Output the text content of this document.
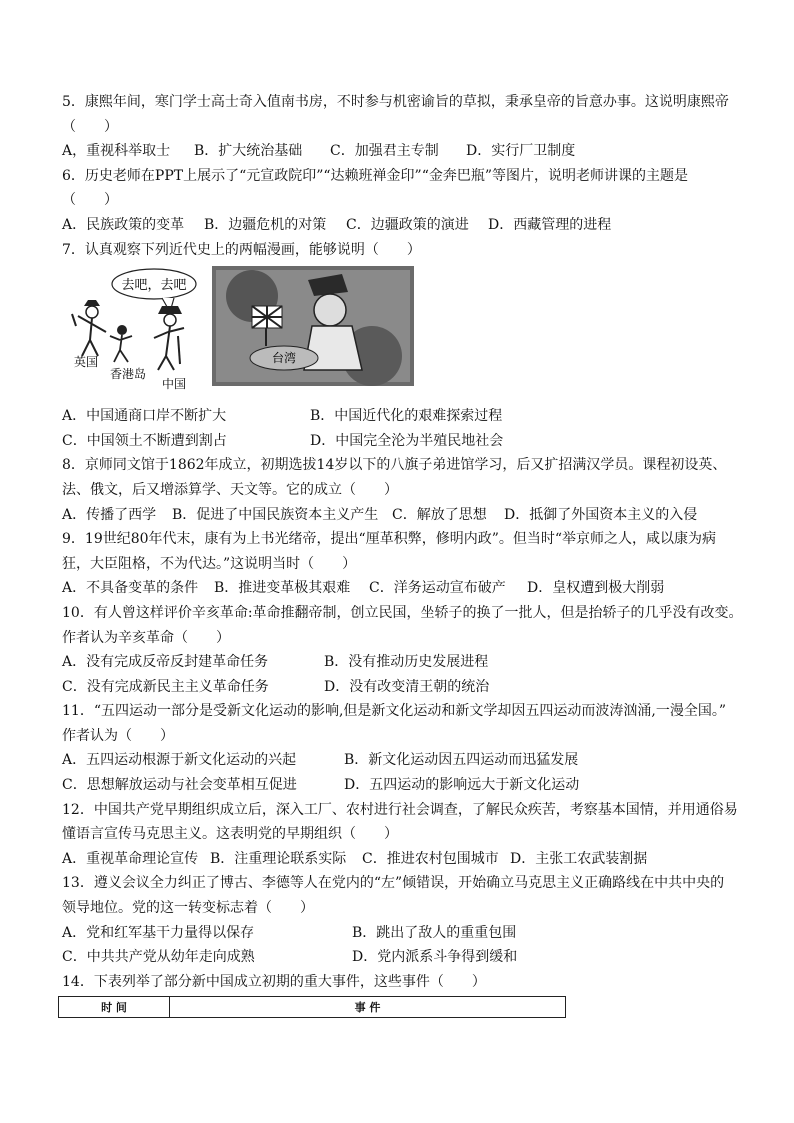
5．康熙年间，寒门学士高士奇入值南书房，不时参与机密谕旨的草拟，秉承皇帝的旨意办事。这说明康熙帝
（　　）
A，重视科举取士	B．扩大统治基础	C．加强君主专制	D．实行厂卫制度
6．历史老师在PPT上展示了“元宣政院印”“达赖班禅金印”“金奔巴瓶”等图片，说明老师讲课的主题是
（　　）
A．民族政策的变革	B．边疆危机的对策	C．边疆政策的演进	D．西藏管理的进程
7．认真观察下列近代史上的两幅漫画，能够说明（　　）
去吧，去吧
英国
香港岛
中国
台湾
A．中国通商口岸不断扩大	B．中国近代化的艰难探索过程
C．中国领土不断遭到割占	D．中国完全沦为半殖民地社会
8．京师同文馆于1862年成立，初期选拔14岁以下的八旗子弟进馆学习，后又扩招满汉学员。课程初设英、
法、俄文，后又增添算学、天文等。它的成立（　　）
A．传播了西学	B．促进了中国民族资本主义产生 C．解放了思想	D．抵御了外国资本主义的入侵
9．19世纪80年代末，康有为上书光绪帝，提出“厘革积弊，修明内政”。但当时“举京师之人，咸以康为病
狂，大臣阻格，不为代达。”这说明当时（　　）
A．不具备变革的条件	B．推进变革极其艰难	C．洋务运动宣布破产	D．皇权遭到极大削弱
10．有人曾这样评价辛亥革命:革命推翻帝制，创立民国，坐轿子的换了一批人，但是抬轿子的几乎没有改变。
作者认为辛亥革命（　　）
A．没有完成反帝反封建革命任务	B．没有推动历史发展进程
C．没有完成新民主主义革命任务	D．没有改变清王朝的统治
11．“五四运动一部分是受新文化运动的影响,但是新文化运动和新文学却因五四运动而波涛汹涌,一漫全国。”
作者认为（　　）
A．五四运动根源于新文化运动的兴起	B．新文化运动因五四运动而迅猛发展
C．思想解放运动与社会变革相互促进	D．五四运动的影响远大于新文化运动
12．中国共产党早期组织成立后，深入工厂、农村进行社会调查，了解民众疾苦，考察基本国情，并用通俗易
懂语言宣传马克思主义。这表明党的早期组织（　　）
A．重视革命理论宣传 B．注重理论联系实际	C．推进农村包围城市 D．主张工农武装割据
13．遵义会议全力纠正了博古、李德等人在党内的“左”倾错误，开始确立马克思主义正确路线在中共中央的
领导地位。党的这一转变标志着（　　）
A．党和红军基干力量得以保存	B．跳出了敌人的重重包围
C．中共共产党从幼年走向成熟	D．党内派系斗争得到缓和
14．下表列举了部分新中国成立初期的重大事件，这些事件（　　）
时 间	事 件
